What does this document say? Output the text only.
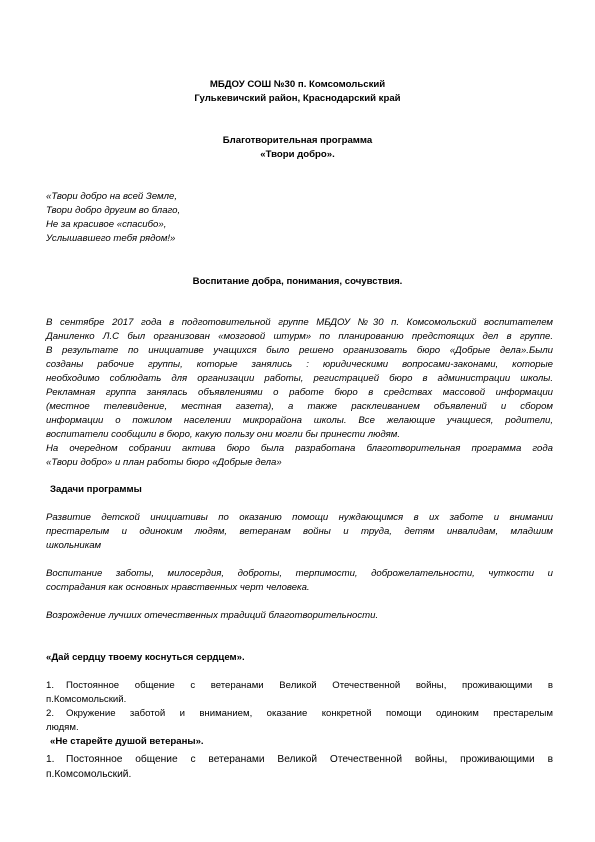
МБДОУ СОШ №30 п. Комсомольский
Гулькевичский район, Краснодарский край
Благотворительная программа
«Твори добро».
«Твори добро на всей Земле,
Твори добро другим во благо,
Не за красивое «спасибо»,
Услышавшего тебя рядом!»
Воспитание добра, понимания, сочувствия.
В сентябре 2017 года в подготовительной группе МБДОУ №30 п. Комсомольский воспитателем
Даниленко Л.С был организован «мозговой штурм» по планированию предстоящих дел в группе.
В результате по инициативе учащихся было решено организовать бюро «Добрые дела».Были
созданы рабочие группы, которые занялись : юридическими вопросами-законами, которые
необходимо соблюдать для организации работы, регистрацией бюро в администрации школы.
Рекламная группа занялась объявлениями о работе бюро в средствах массовой информации
(местное телевидение, местная газета), а также расклеиванием объявлений и сбором
информации о пожилом населении микрорайона школы. Все желающие учащиеся, родители,
воспитатели сообщили в бюро, какую пользу они могли бы принести людям.
На очередном собрании актива бюро была разработана благотворительная программа года
«Твори добро» и план работы бюро «Добрые дела»
Задачи программы
Развитие детской инициативы по оказанию помощи нуждающимся в их заботе и внимании
престарелым и одиноким людям, ветеранам войны и труда, детям инвалидам, младшим
школьникам
Воспитание заботы, милосердия, доброты, терпимости, доброжелательности, чуткости и
сострадания как основных нравственных черт человека.
Возрождение лучших отечественных традиций благотворительности.
«Дай сердцу твоему коснуться сердцем».
1. Постоянное общение с ветеранами Великой Отечественной войны, проживающими в
п.Комсомольский.
2. Окружение заботой и вниманием, оказание конкретной помощи одиноким престарелым
людям.
«Не старейте душой ветераны».
1. Постоянное общение с ветеранами Великой Отечественной войны, проживающими в
п.Комсомольский.
